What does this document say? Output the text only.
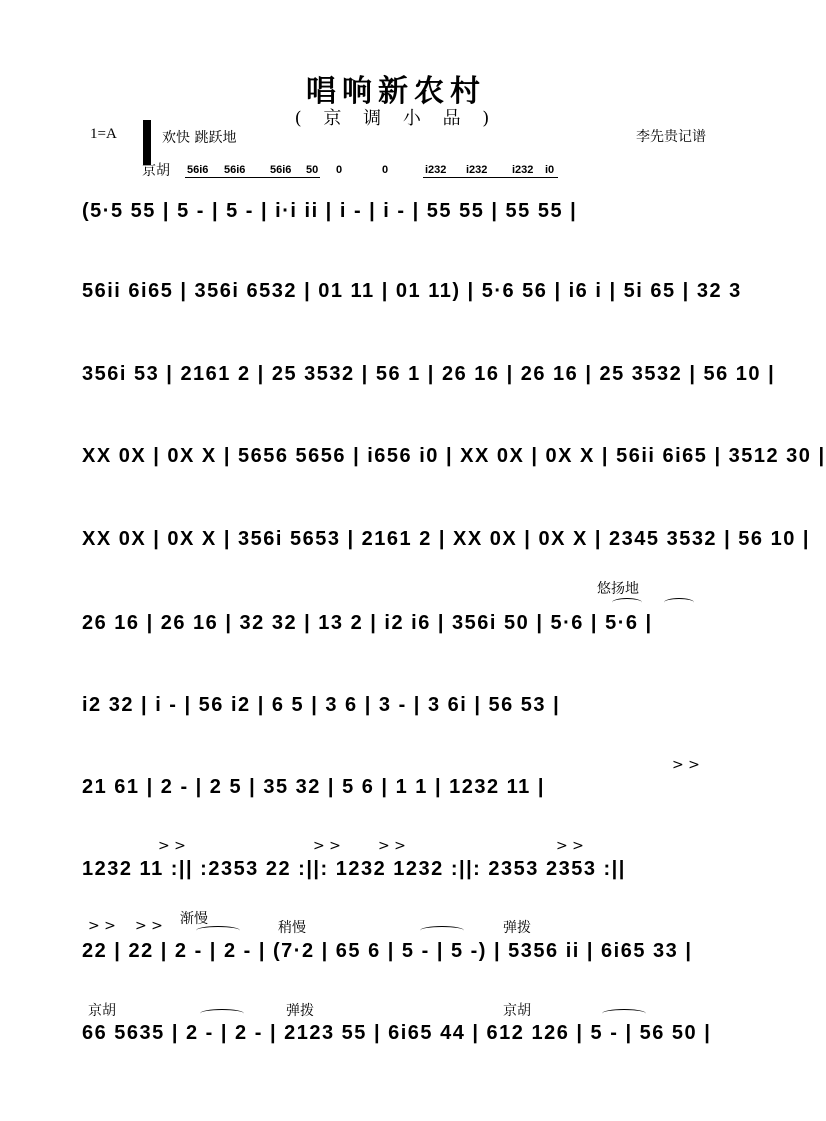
唱响新农村
( 京 调 小 品 )
1=A	欢快 跳跃地	李先贵记谱
京胡 56i6 56i6 56i6 50 0	0	i232 i232 i232 i0
(5·5 55 | 5 - | 5 - | i·i ii | i - | i - | 55 55 | 55 55 |
56ii 6i65 | 356i 6532 | 01 11 | 01 11) | 5·6 56 | i6 i | 5i 65 | 32 3
356i 53 | 2161 2 | 25 3532 | 56 1 | 26 16 | 26 16 | 25 3532 | 56 10 |
XX 0X | 0X X | 5656 5656 | i656 i0 | XX 0X | 0X X | 56ii 6i65 | 3512 30 |
XX 0X | 0X X | 356i 5653 | 2161 2 | XX 0X | 0X X | 2345 3532 | 56 10 |
悠扬地
26 16 | 26 16 | 32 32 | 13 2 | i2 i6 | 356i 50 | 5·6 | 5·6 |
i2 32 | i - | 56 i2 | 6 5 | 3 6 | 3 - | 3 6i | 56 53 |
> >
21 61 | 2 - | 2 5 | 35 32 | 5 6 | 1 1 | 1232 11 |
> >	> >	> >	> >
1232 11 :|| :2353 22 :||: 1232 1232 :||: 2353 2353 :||
> > > > 渐慢
稍慢	弹拨
22 | 22 | 2 - | 2 - | (7·2 | 65 6 | 5 - | 5 -) | 5356 ii | 6i65 33 |
京胡	弹拨	京胡
66 5635 | 2 - | 2 - | 2123 55 | 6i65 44 | 612 126 | 5 - | 56 50 |
